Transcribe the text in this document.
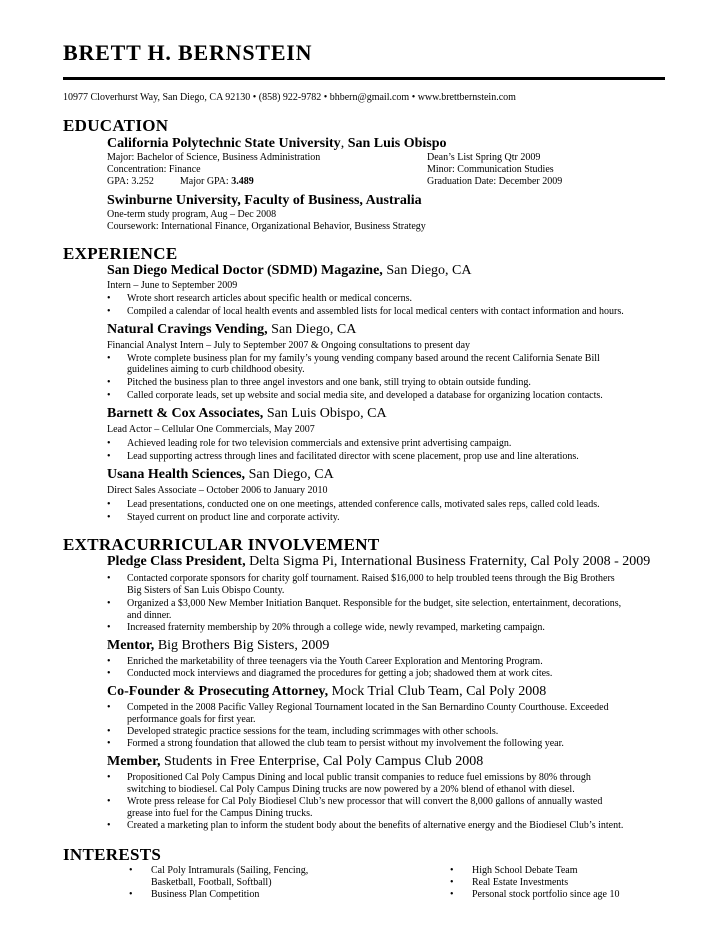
BRETT H. BERNSTEIN
10977 Cloverhurst Way, San Diego, CA 92130 • (858) 922-9782 • bhbern@gmail.com • www.brettbernstein.com
EDUCATION
California Polytechnic State University, San Luis Obispo
Major: Bachelor of Science, Business Administration
Concentration: Finance
GPA: 3.252	Major GPA: 3.489
Dean’s List Spring Qtr 2009
Minor: Communication Studies
Graduation Date: December 2009
Swinburne University, Faculty of Business, Australia
One-term study program, Aug – Dec 2008
Coursework: International Finance, Organizational Behavior, Business Strategy
EXPERIENCE
San Diego Medical Doctor (SDMD) Magazine, San Diego, CA
Intern – June to September 2009
• Wrote short research articles about specific health or medical concerns.
• Compiled a calendar of local health events and assembled lists for local medical centers with contact information and hours.
Natural Cravings Vending, San Diego, CA
Financial Analyst Intern – July to September 2007 & Ongoing consultations to present day
• Wrote complete business plan for my family’s young vending company based around the recent California Senate Bill
guidelines aiming to curb childhood obesity.
• Pitched the business plan to three angel investors and one bank, still trying to obtain outside funding.
• Called corporate leads, set up website and social media site, and developed a database for organizing location contacts.
Barnett & Cox Associates, San Luis Obispo, CA
Lead Actor – Cellular One Commercials, May 2007
• Achieved leading role for two television commercials and extensive print advertising campaign.
• Lead supporting actress through lines and facilitated director with scene placement, prop use and line alterations.
Usana Health Sciences, San Diego, CA
Direct Sales Associate – October 2006 to January 2010
• Lead presentations, conducted one on one meetings, attended conference calls, motivated sales reps, called cold leads.
• Stayed current on product line and corporate activity.
EXTRACURRICULAR INVOLVEMENT
Pledge Class President, Delta Sigma Pi, International Business Fraternity, Cal Poly 2008 - 2009
• Contacted corporate sponsors for charity golf tournament. Raised $16,000 to help troubled teens through the Big Brothers
Big Sisters of San Luis Obispo County.
• Organized a $3,000 New Member Initiation Banquet. Responsible for the budget, site selection, entertainment, decorations,
and dinner.
• Increased fraternity membership by 20% through a college wide, newly revamped, marketing campaign.
Mentor, Big Brothers Big Sisters, 2009
• Enriched the marketability of three teenagers via the Youth Career Exploration and Mentoring Program.
• Conducted mock interviews and diagramed the procedures for getting a job; shadowed them at work cites.
Co-Founder & Prosecuting Attorney, Mock Trial Club Team, Cal Poly 2008
• Competed in the 2008 Pacific Valley Regional Tournament located in the San Bernardino County Courthouse. Exceeded
performance goals for first year.
• Developed strategic practice sessions for the team, including scrimmages with other schools.
• Formed a strong foundation that allowed the club team to persist without my involvement the following year.
Member, Students in Free Enterprise, Cal Poly Campus Club 2008
• Propositioned Cal Poly Campus Dining and local public transit companies to reduce fuel emissions by 80% through
switching to biodiesel. Cal Poly Campus Dining trucks are now powered by a 20% blend of ethanol with diesel.
• Wrote press release for Cal Poly Biodiesel Club’s new processor that will convert the 8,000 gallons of annually wasted
grease into fuel for the Campus Dining trucks.
• Created a marketing plan to inform the student body about the benefits of alternative energy and the Biodiesel Club’s intent.
INTERESTS
• Cal Poly Intramurals (Sailing, Fencing,
Basketball, Football, Softball)
• Business Plan Competition
• High School Debate Team
• Real Estate Investments
• Personal stock portfolio since age 10
